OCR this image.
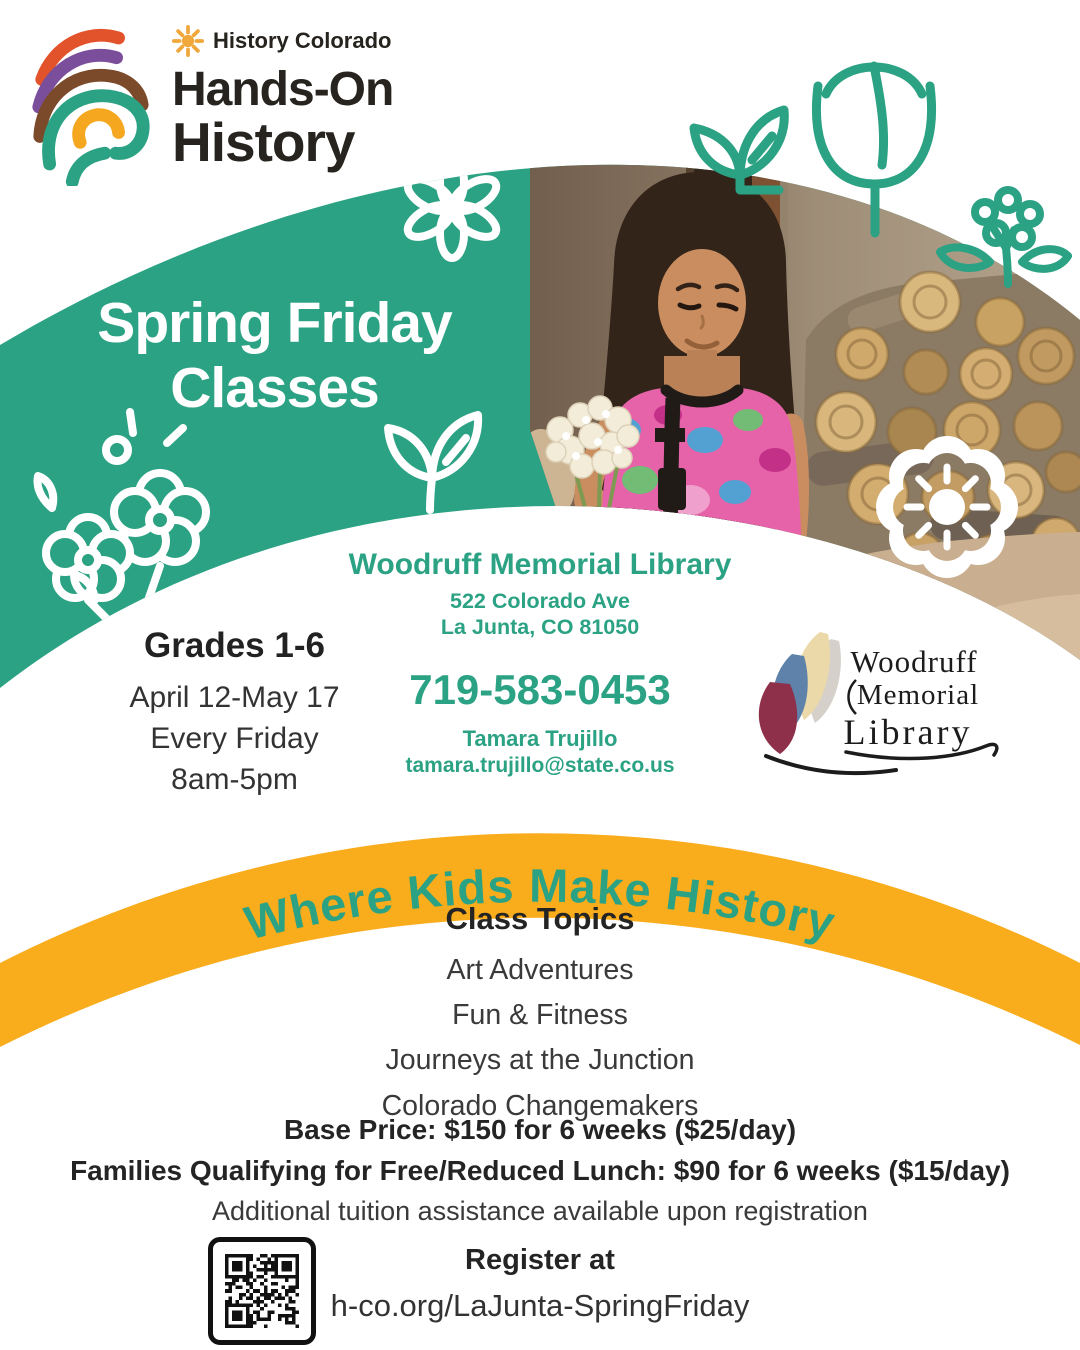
History Colorado
Hands-On
History
Spring Friday
Classes
Woodruff Memorial Library
522 Colorado Ave
La Junta, CO 81050
Grades 1-6
April 12-May 17
Every Friday
8am-5pm
719-583-0453
Tamara Trujillo
tamara.trujillo@state.co.us
Woodruff
Memorial
Library
Where Kids Make History
Class Topics
Art Adventures
Fun & Fitness
Journeys at the Junction
Colorado Changemakers
Base Price: $150 for 6 weeks ($25/day)
Families Qualifying for Free/Reduced Lunch: $90 for 6 weeks ($15/day)
Additional tuition assistance available upon registration
Register at
h-co.org/LaJunta-SpringFriday
